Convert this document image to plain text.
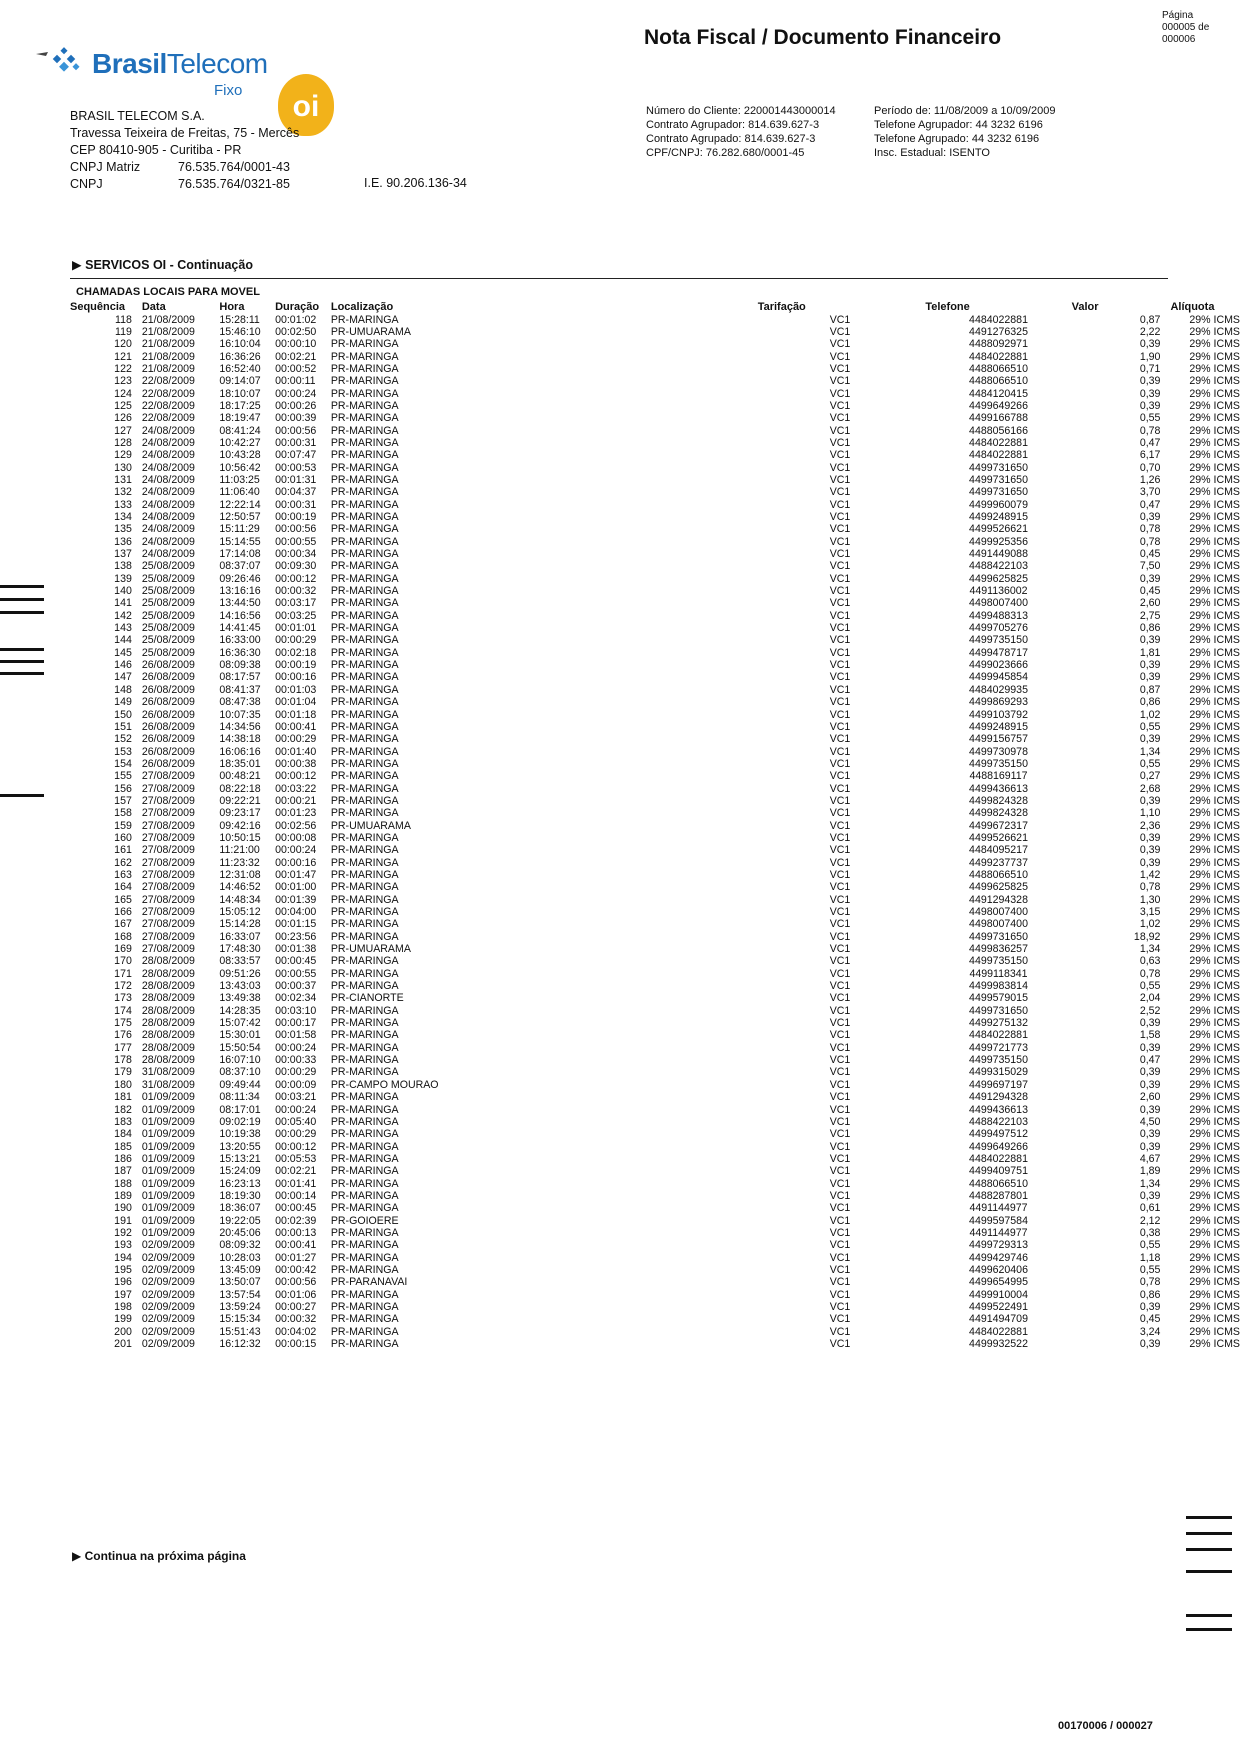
BrasilTelecom
Fixo	oi
BRASIL TELECOM S.A.
Travessa Teixeira de Freitas, 75 - Mercês
CEP 80410-905 - Curitiba - PR
CNPJ Matriz	76.535.764/0001-43
CNPJ	76.535.764/0321-85	I.E. 90.206.136-34
Nota Fiscal / Documento Financeiro
Página
000005 de 000006
Número do Cliente: 220001443000014
Contrato Agrupador: 814.639.627-3
Contrato Agrupado: 814.639.627-3
CPF/CNPJ: 76.282.680/0001-45
Período de: 11/08/2009 a 10/09/2009
Telefone Agrupador: 44 3232 6196
Telefone Agrupado: 44 3232 6196
Insc. Estadual: ISENTO
▶ SERVICOS OI - Continuação
CHAMADAS LOCAIS PARA MOVEL
Sequência	Data	Hora	Duração	Localização	Tarifação	Telefone	Valor	Alíquota
118	21/08/2009	15:28:11	00:01:02	PR-MARINGA	VC1	4484022881	0,87	29% ICMS
119	21/08/2009	15:46:10	00:02:50	PR-UMUARAMA	VC1	4491276325	2,22	29% ICMS
120	21/08/2009	16:10:04	00:00:10	PR-MARINGA	VC1	4488092971	0,39	29% ICMS
121	21/08/2009	16:36:26	00:02:21	PR-MARINGA	VC1	4484022881	1,90	29% ICMS
122	21/08/2009	16:52:40	00:00:52	PR-MARINGA	VC1	4488066510	0,71	29% ICMS
123	22/08/2009	09:14:07	00:00:11	PR-MARINGA	VC1	4488066510	0,39	29% ICMS
124	22/08/2009	18:10:07	00:00:24	PR-MARINGA	VC1	4484120415	0,39	29% ICMS
125	22/08/2009	18:17:25	00:00:26	PR-MARINGA	VC1	4499649266	0,39	29% ICMS
126	22/08/2009	18:19:47	00:00:39	PR-MARINGA	VC1	4499166788	0,55	29% ICMS
127	24/08/2009	08:41:24	00:00:56	PR-MARINGA	VC1	4488056166	0,78	29% ICMS
128	24/08/2009	10:42:27	00:00:31	PR-MARINGA	VC1	4484022881	0,47	29% ICMS
129	24/08/2009	10:43:28	00:07:47	PR-MARINGA	VC1	4484022881	6,17	29% ICMS
130	24/08/2009	10:56:42	00:00:53	PR-MARINGA	VC1	4499731650	0,70	29% ICMS
131	24/08/2009	11:03:25	00:01:31	PR-MARINGA	VC1	4499731650	1,26	29% ICMS
132	24/08/2009	11:06:40	00:04:37	PR-MARINGA	VC1	4499731650	3,70	29% ICMS
133	24/08/2009	12:22:14	00:00:31	PR-MARINGA	VC1	4499960079	0,47	29% ICMS
134	24/08/2009	12:50:57	00:00:19	PR-MARINGA	VC1	4499248915	0,39	29% ICMS
135	24/08/2009	15:11:29	00:00:56	PR-MARINGA	VC1	4499526621	0,78	29% ICMS
136	24/08/2009	15:14:55	00:00:55	PR-MARINGA	VC1	4499925356	0,78	29% ICMS
137	24/08/2009	17:14:08	00:00:34	PR-MARINGA	VC1	4491449088	0,45	29% ICMS
138	25/08/2009	08:37:07	00:09:30	PR-MARINGA	VC1	4488422103	7,50	29% ICMS
139	25/08/2009	09:26:46	00:00:12	PR-MARINGA	VC1	4499625825	0,39	29% ICMS
140	25/08/2009	13:16:16	00:00:32	PR-MARINGA	VC1	4491136002	0,45	29% ICMS
141	25/08/2009	13:44:50	00:03:17	PR-MARINGA	VC1	4498007400	2,60	29% ICMS
142	25/08/2009	14:16:56	00:03:25	PR-MARINGA	VC1	4499488313	2,75	29% ICMS
143	25/08/2009	14:41:45	00:01:01	PR-MARINGA	VC1	4499705276	0,86	29% ICMS
144	25/08/2009	16:33:00	00:00:29	PR-MARINGA	VC1	4499735150	0,39	29% ICMS
145	25/08/2009	16:36:30	00:02:18	PR-MARINGA	VC1	4499478717	1,81	29% ICMS
146	26/08/2009	08:09:38	00:00:19	PR-MARINGA	VC1	4499023666	0,39	29% ICMS
147	26/08/2009	08:17:57	00:00:16	PR-MARINGA	VC1	4499945854	0,39	29% ICMS
148	26/08/2009	08:41:37	00:01:03	PR-MARINGA	VC1	4484029935	0,87	29% ICMS
149	26/08/2009	08:47:38	00:01:04	PR-MARINGA	VC1	4499869293	0,86	29% ICMS
150	26/08/2009	10:07:35	00:01:18	PR-MARINGA	VC1	4499103792	1,02	29% ICMS
151	26/08/2009	14:34:56	00:00:41	PR-MARINGA	VC1	4499248915	0,55	29% ICMS
152	26/08/2009	14:38:18	00:00:29	PR-MARINGA	VC1	4499156757	0,39	29% ICMS
153	26/08/2009	16:06:16	00:01:40	PR-MARINGA	VC1	4499730978	1,34	29% ICMS
154	26/08/2009	18:35:01	00:00:38	PR-MARINGA	VC1	4499735150	0,55	29% ICMS
155	27/08/2009	00:48:21	00:00:12	PR-MARINGA	VC1	4488169117	0,27	29% ICMS
156	27/08/2009	08:22:18	00:03:22	PR-MARINGA	VC1	4499436613	2,68	29% ICMS
157	27/08/2009	09:22:21	00:00:21	PR-MARINGA	VC1	4499824328	0,39	29% ICMS
158	27/08/2009	09:23:17	00:01:23	PR-MARINGA	VC1	4499824328	1,10	29% ICMS
159	27/08/2009	09:42:16	00:02:56	PR-UMUARAMA	VC1	4499672317	2,36	29% ICMS
160	27/08/2009	10:50:15	00:00:08	PR-MARINGA	VC1	4499526621	0,39	29% ICMS
161	27/08/2009	11:21:00	00:00:24	PR-MARINGA	VC1	4484095217	0,39	29% ICMS
162	27/08/2009	11:23:32	00:00:16	PR-MARINGA	VC1	4499237737	0,39	29% ICMS
163	27/08/2009	12:31:08	00:01:47	PR-MARINGA	VC1	4488066510	1,42	29% ICMS
164	27/08/2009	14:46:52	00:01:00	PR-MARINGA	VC1	4499625825	0,78	29% ICMS
165	27/08/2009	14:48:34	00:01:39	PR-MARINGA	VC1	4491294328	1,30	29% ICMS
166	27/08/2009	15:05:12	00:04:00	PR-MARINGA	VC1	4498007400	3,15	29% ICMS
167	27/08/2009	15:14:28	00:01:15	PR-MARINGA	VC1	4498007400	1,02	29% ICMS
168	27/08/2009	16:33:07	00:23:56	PR-MARINGA	VC1	4499731650	18,92	29% ICMS
169	27/08/2009	17:48:30	00:01:38	PR-UMUARAMA	VC1	4499836257	1,34	29% ICMS
170	28/08/2009	08:33:57	00:00:45	PR-MARINGA	VC1	4499735150	0,63	29% ICMS
171	28/08/2009	09:51:26	00:00:55	PR-MARINGA	VC1	4499118341	0,78	29% ICMS
172	28/08/2009	13:43:03	00:00:37	PR-MARINGA	VC1	4499983814	0,55	29% ICMS
173	28/08/2009	13:49:38	00:02:34	PR-CIANORTE	VC1	4499579015	2,04	29% ICMS
174	28/08/2009	14:28:35	00:03:10	PR-MARINGA	VC1	4499731650	2,52	29% ICMS
175	28/08/2009	15:07:42	00:00:17	PR-MARINGA	VC1	4499275132	0,39	29% ICMS
176	28/08/2009	15:30:01	00:01:58	PR-MARINGA	VC1	4484022881	1,58	29% ICMS
177	28/08/2009	15:50:54	00:00:24	PR-MARINGA	VC1	4499721773	0,39	29% ICMS
178	28/08/2009	16:07:10	00:00:33	PR-MARINGA	VC1	4499735150	0,47	29% ICMS
179	31/08/2009	08:37:10	00:00:29	PR-MARINGA	VC1	4499315029	0,39	29% ICMS
180	31/08/2009	09:49:44	00:00:09	PR-CAMPO MOURAO	VC1	4499697197	0,39	29% ICMS
181	01/09/2009	08:11:34	00:03:21	PR-MARINGA	VC1	4491294328	2,60	29% ICMS
182	01/09/2009	08:17:01	00:00:24	PR-MARINGA	VC1	4499436613	0,39	29% ICMS
183	01/09/2009	09:02:19	00:05:40	PR-MARINGA	VC1	4488422103	4,50	29% ICMS
184	01/09/2009	10:19:38	00:00:29	PR-MARINGA	VC1	4499497512	0,39	29% ICMS
185	01/09/2009	13:20:55	00:00:12	PR-MARINGA	VC1	4499649266	0,39	29% ICMS
186	01/09/2009	15:13:21	00:05:53	PR-MARINGA	VC1	4484022881	4,67	29% ICMS
187	01/09/2009	15:24:09	00:02:21	PR-MARINGA	VC1	4499409751	1,89	29% ICMS
188	01/09/2009	16:23:13	00:01:41	PR-MARINGA	VC1	4488066510	1,34	29% ICMS
189	01/09/2009	18:19:30	00:00:14	PR-MARINGA	VC1	4488287801	0,39	29% ICMS
190	01/09/2009	18:36:07	00:00:45	PR-MARINGA	VC1	4491144977	0,61	29% ICMS
191	01/09/2009	19:22:05	00:02:39	PR-GOIOERE	VC1	4499597584	2,12	29% ICMS
192	01/09/2009	20:45:06	00:00:13	PR-MARINGA	VC1	4491144977	0,38	29% ICMS
193	02/09/2009	08:09:32	00:00:41	PR-MARINGA	VC1	4499729313	0,55	29% ICMS
194	02/09/2009	10:28:03	00:01:27	PR-MARINGA	VC1	4499429746	1,18	29% ICMS
195	02/09/2009	13:45:09	00:00:42	PR-MARINGA	VC1	4499620406	0,55	29% ICMS
196	02/09/2009	13:50:07	00:00:56	PR-PARANAVAI	VC1	4499654995	0,78	29% ICMS
197	02/09/2009	13:57:54	00:01:06	PR-MARINGA	VC1	4499910004	0,86	29% ICMS
198	02/09/2009	13:59:24	00:00:27	PR-MARINGA	VC1	4499522491	0,39	29% ICMS
199	02/09/2009	15:15:34	00:00:32	PR-MARINGA	VC1	4491494709	0,45	29% ICMS
200	02/09/2009	15:51:43	00:04:02	PR-MARINGA	VC1	4484022881	3,24	29% ICMS
201	02/09/2009	16:12:32	00:00:15	PR-MARINGA	VC1	4499932522	0,39	29% ICMS
▶ Continua na próxima página
00170006 / 000027
